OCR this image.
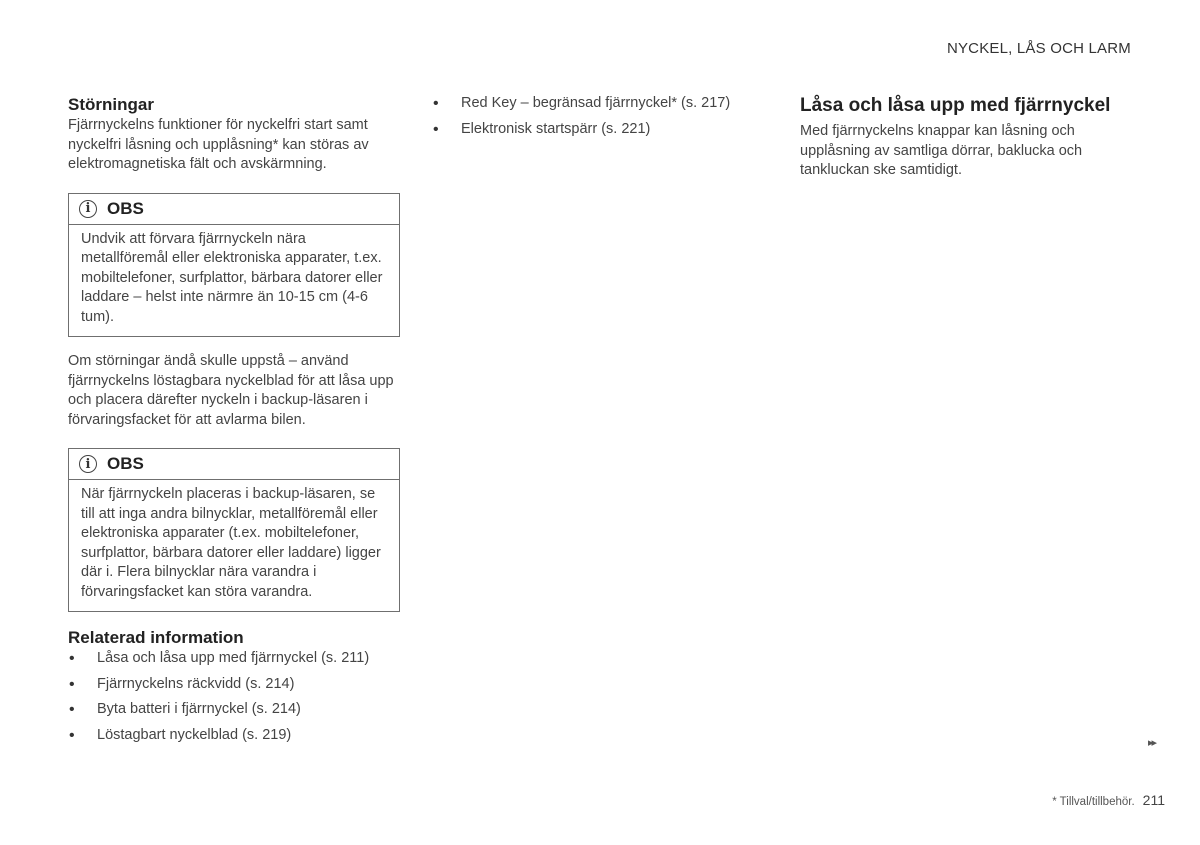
NYCKEL, LÅS OCH LARM
Störningar

Fjärrnyckelns funktioner för nyckelfri start samt nyckelfri låsning och upplåsning* kan störas av elektromagnetiska fält och avskärmning.

i OBS

Undvik att förvara fjärrnyckeln nära metallföremål eller elektroniska apparater, t.ex. mobiltelefoner, surfplattor, bärbara datorer eller laddare – helst inte närmre än 10-15 cm (4-6 tum).

Om störningar ändå skulle uppstå – använd fjärrnyckelns löstagbara nyckelblad för att låsa upp och placera därefter nyckeln i backup-läsaren i förvaringsfacket för att avlarma bilen.

i OBS

När fjärrnyckeln placeras i backup-läsaren, se till att inga andra bilnycklar, metallföremål eller elektroniska apparater (t.ex. mobiltelefoner, surfplattor, bärbara datorer eller laddare) ligger där i. Flera bilnycklar nära varandra i förvaringsfacket kan störa varandra.

Relaterad information
• Låsa och låsa upp med fjärrnyckel (s. 211)
• Fjärrnyckelns räckvidd (s. 214)
• Byta batteri i fjärrnyckel (s. 214)
• Löstagbart nyckelblad (s. 219)
• Red Key – begränsad fjärrnyckel* (s. 217)
• Elektronisk startspärr (s. 221)
Låsa och låsa upp med fjärrnyckel

Med fjärrnyckelns knappar kan låsning och upplåsning av samtliga dörrar, baklucka och tankluckan ske samtidigt.

▸▸
* Tillval/tillbehör. 211
